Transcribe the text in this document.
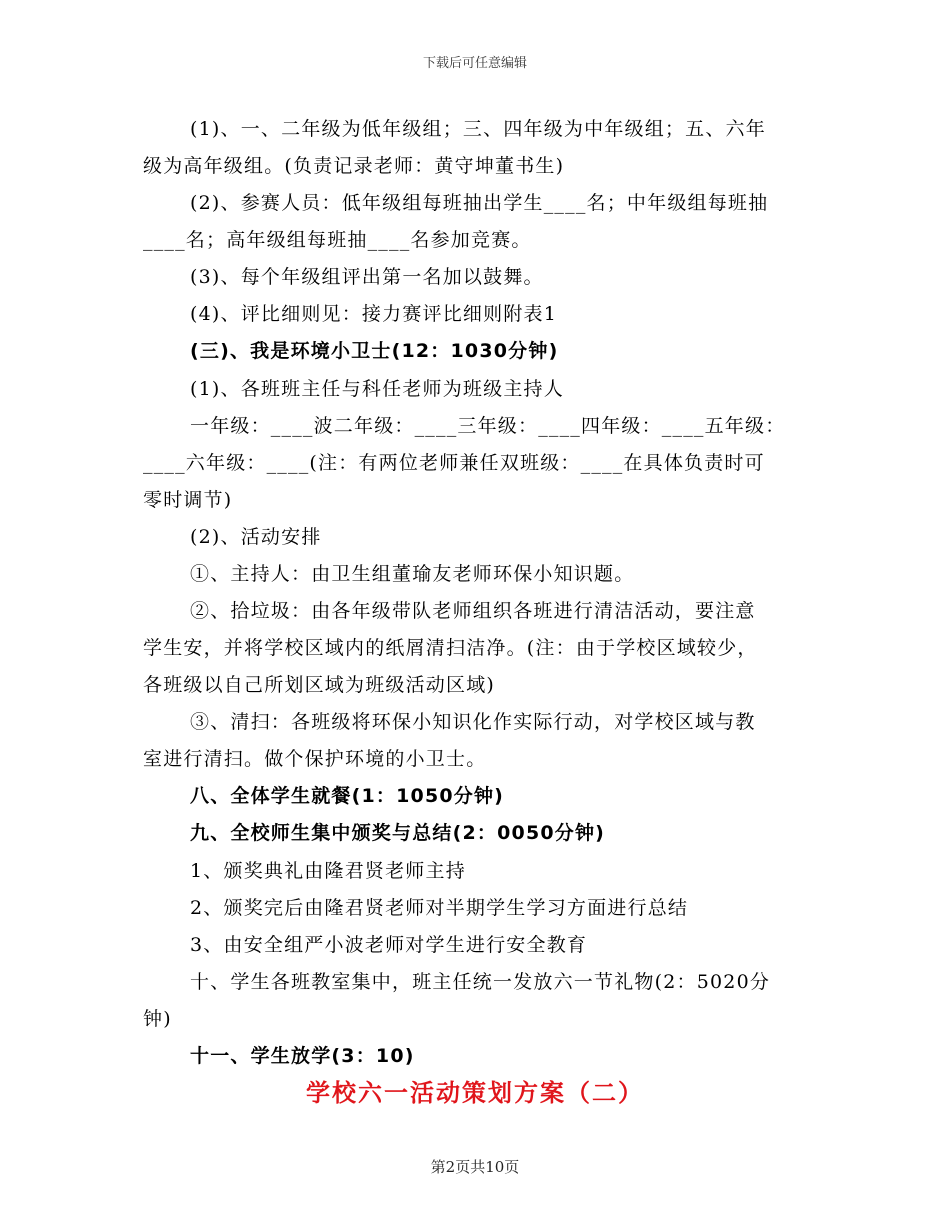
下载后可任意编辑
(1)、一、二年级为低年级组；三、四年级为中年级组；五、六年
级为高年级组。(负责记录老师：黄守坤董书生)
(2)、参赛人员：低年级组每班抽出学生____名；中年级组每班抽
____名；高年级组每班抽____名参加竞赛。
(3)、每个年级组评出第一名加以鼓舞。
(4)、评比细则见：接力赛评比细则附表1
(三)、我是环境小卫士(12：1030分钟)
(1)、各班班主任与科任老师为班级主持人
一年级：____波二年级：____三年级：____四年级：____五年级：
____六年级：____(注：有两位老师兼任双班级：____在具体负责时可
零时调节)
(2)、活动安排
①、主持人：由卫生组董瑜友老师环保小知识题。
②、拾垃圾：由各年级带队老师组织各班进行清洁活动，要注意
学生安，并将学校区域内的纸屑清扫洁净。(注：由于学校区域较少，
各班级以自己所划区域为班级活动区域)
③、清扫：各班级将环保小知识化作实际行动，对学校区域与教
室进行清扫。做个保护环境的小卫士。
八、全体学生就餐(1：1050分钟)
九、全校师生集中颁奖与总结(2：0050分钟)
1、颁奖典礼由隆君贤老师主持
2、颁奖完后由隆君贤老师对半期学生学习方面进行总结
3、由安全组严小波老师对学生进行安全教育
十、学生各班教室集中，班主任统一发放六一节礼物(2：5020分
钟)
十一、学生放学(3：10)
学校六一活动策划方案（二）
第2页共10页
